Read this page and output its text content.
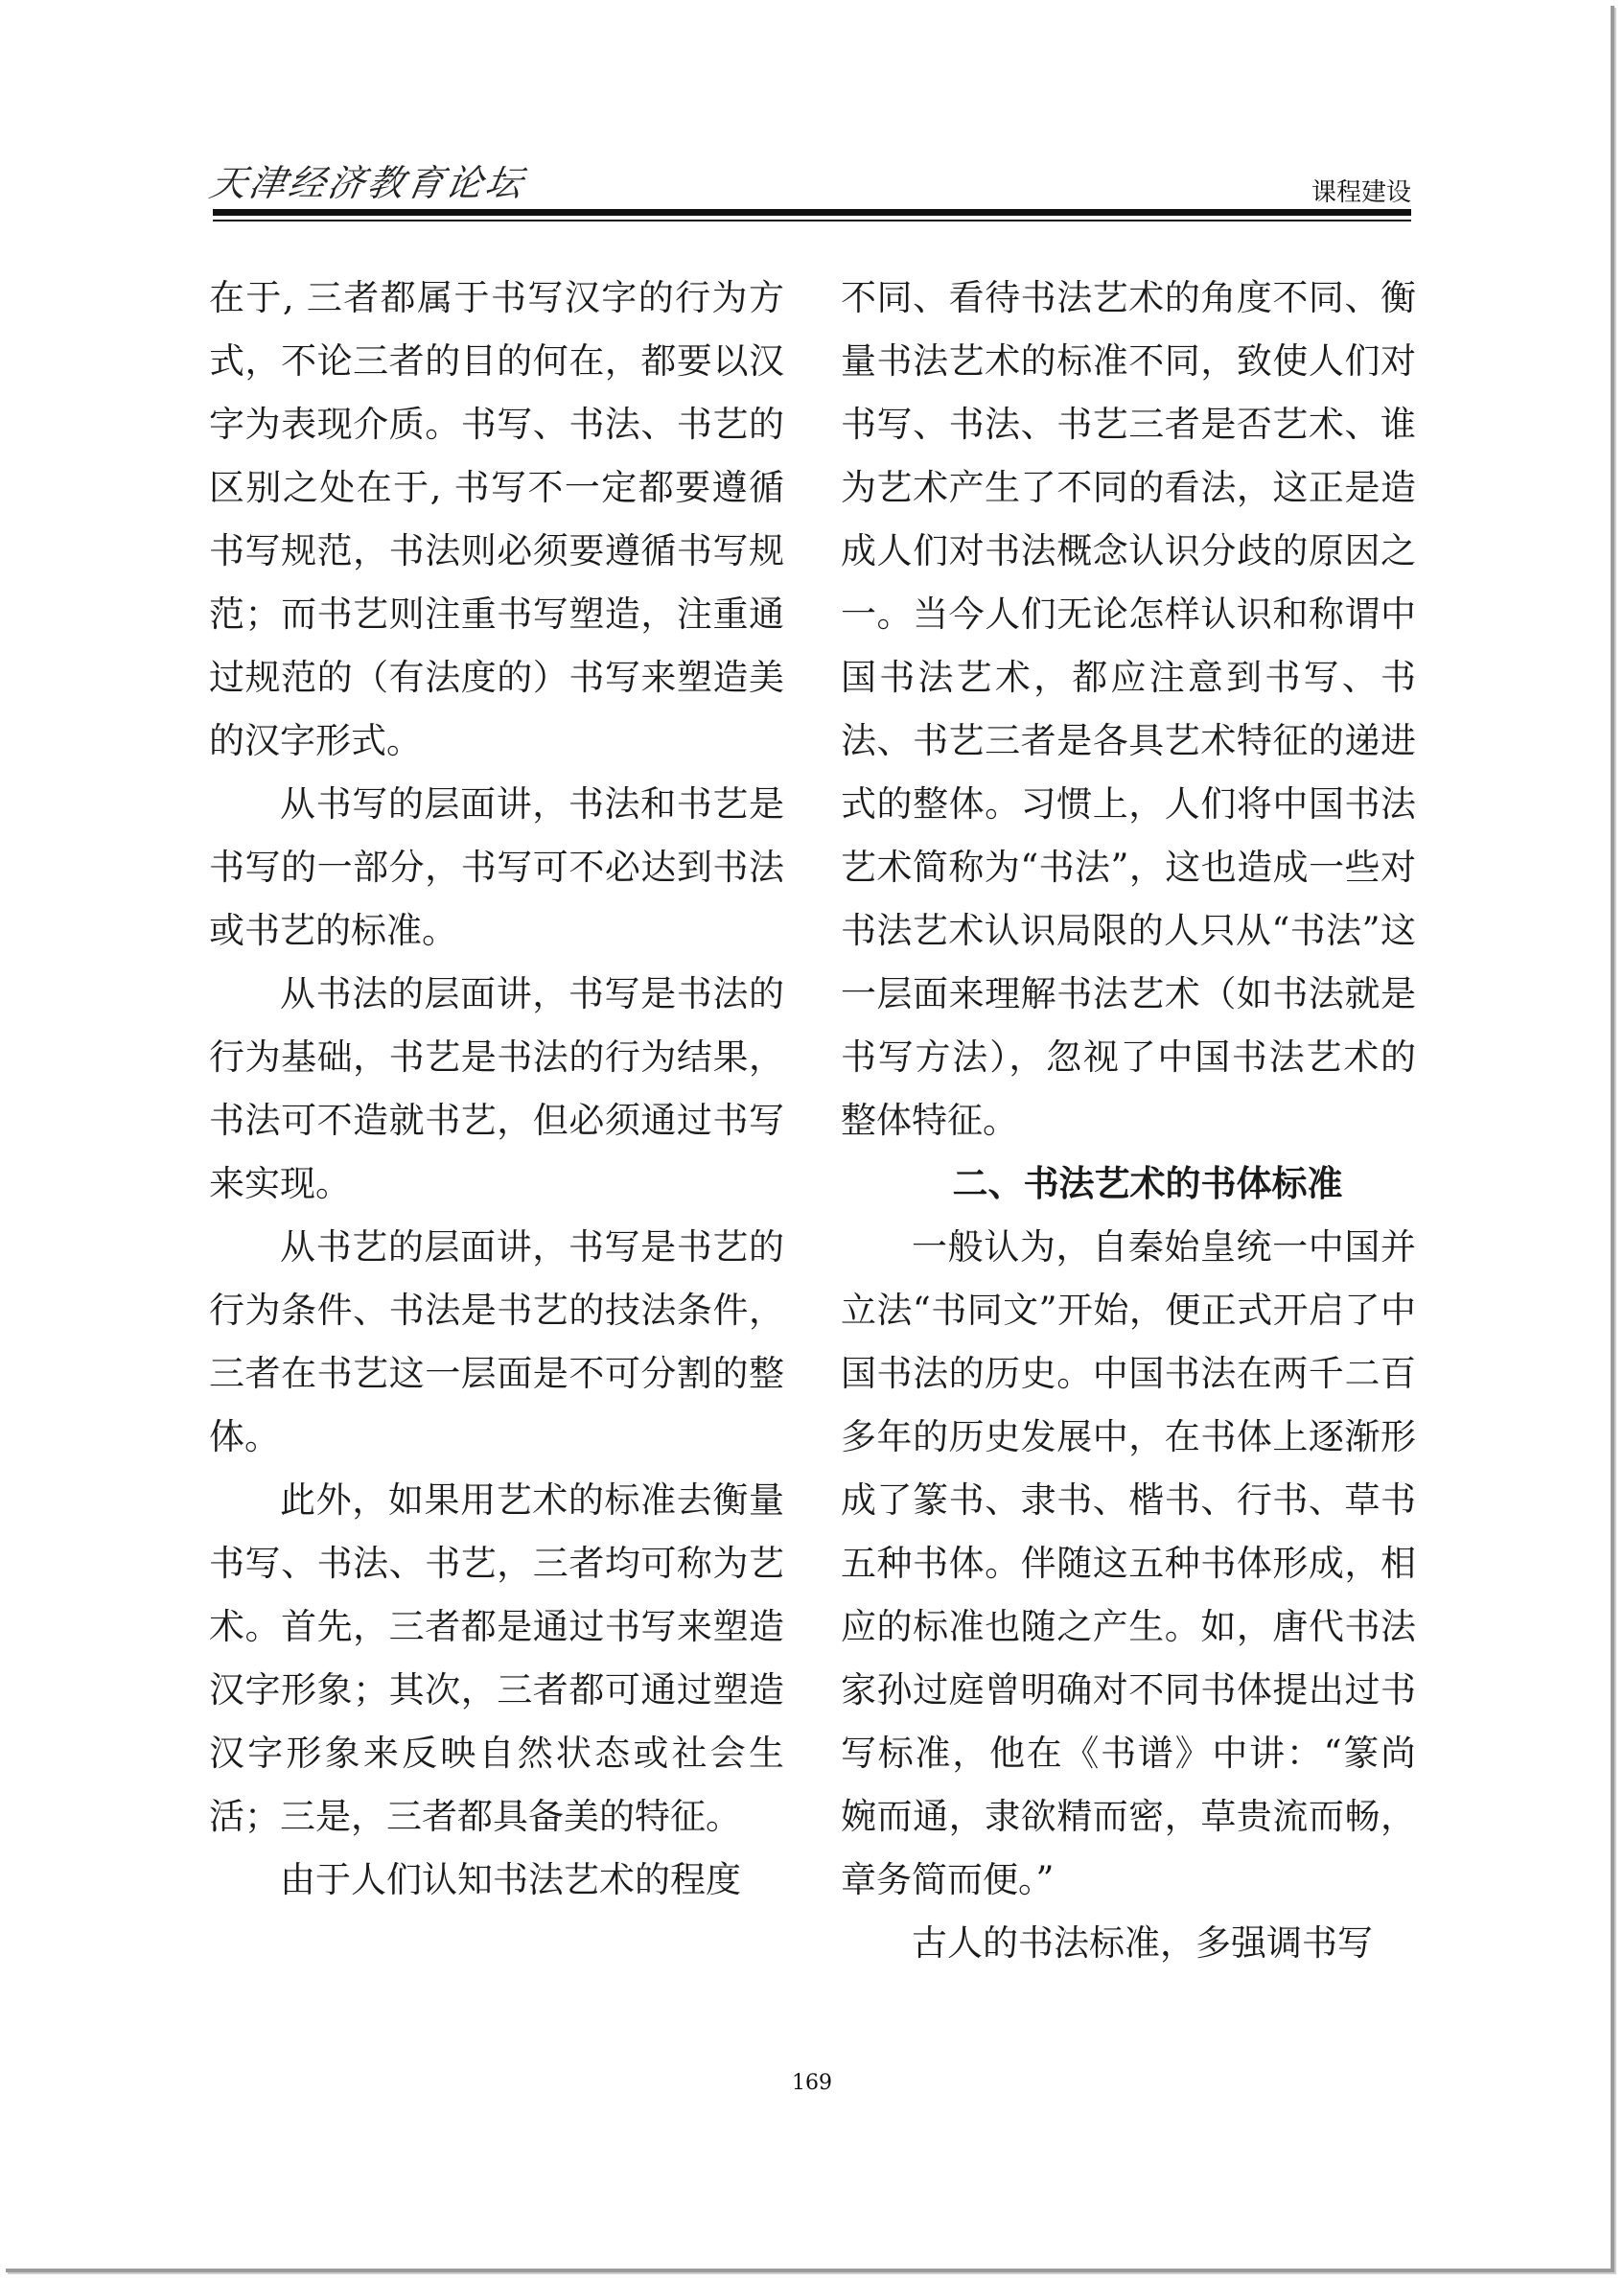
天津经济教育论坛	课程建设

在于, 三者都属于书写汉字的行为方式，不论三者的目的何在，都要以汉字为表现介质。书写、书法、书艺的区别之处在于, 书写不一定都要遵循书写规范，书法则必须要遵循书写规范；而书艺则注重书写塑造，注重通过规范的（有法度的）书写来塑造美的汉字形式。

从书写的层面讲，书法和书艺是书写的一部分，书写可不必达到书法或书艺的标准。

从书法的层面讲，书写是书法的行为基础，书艺是书法的行为结果，书法可不造就书艺，但必须通过书写来实现。

从书艺的层面讲，书写是书艺的行为条件、书法是书艺的技法条件，三者在书艺这一层面是不可分割的整体。

此外，如果用艺术的标准去衡量书写、书法、书艺，三者均可称为艺术。首先，三者都是通过书写来塑造汉字形象；其次，三者都可通过塑造汉字形象来反映自然状态或社会生活；三是，三者都具备美的特征。

由于人们认知书法艺术的程度

不同、看待书法艺术的角度不同、衡量书法艺术的标准不同，致使人们对书写、书法、书艺三者是否艺术、谁为艺术产生了不同的看法，这正是造成人们对书法概念认识分歧的原因之一。当今人们无论怎样认识和称谓中国书法艺术，都应注意到书写、书法、书艺三者是各具艺术特征的递进式的整体。习惯上，人们将中国书法艺术简称为“书法”，这也造成一些对书法艺术认识局限的人只从“书法”这一层面来理解书法艺术（如书法就是书写方法），忽视了中国书法艺术的整体特征。

二、书法艺术的书体标准

一般认为，自秦始皇统一中国并立法“书同文”开始，便正式开启了中国书法的历史。中国书法在两千二百多年的历史发展中，在书体上逐渐形成了篆书、隶书、楷书、行书、草书五种书体。伴随这五种书体形成，相应的标准也随之产生。如，唐代书法家孙过庭曾明确对不同书体提出过书写标准，他在《书谱》中讲：“篆尚婉而通，隶欲精而密，草贵流而畅，章务简而便。”

古人的书法标准，多强调书写

169
